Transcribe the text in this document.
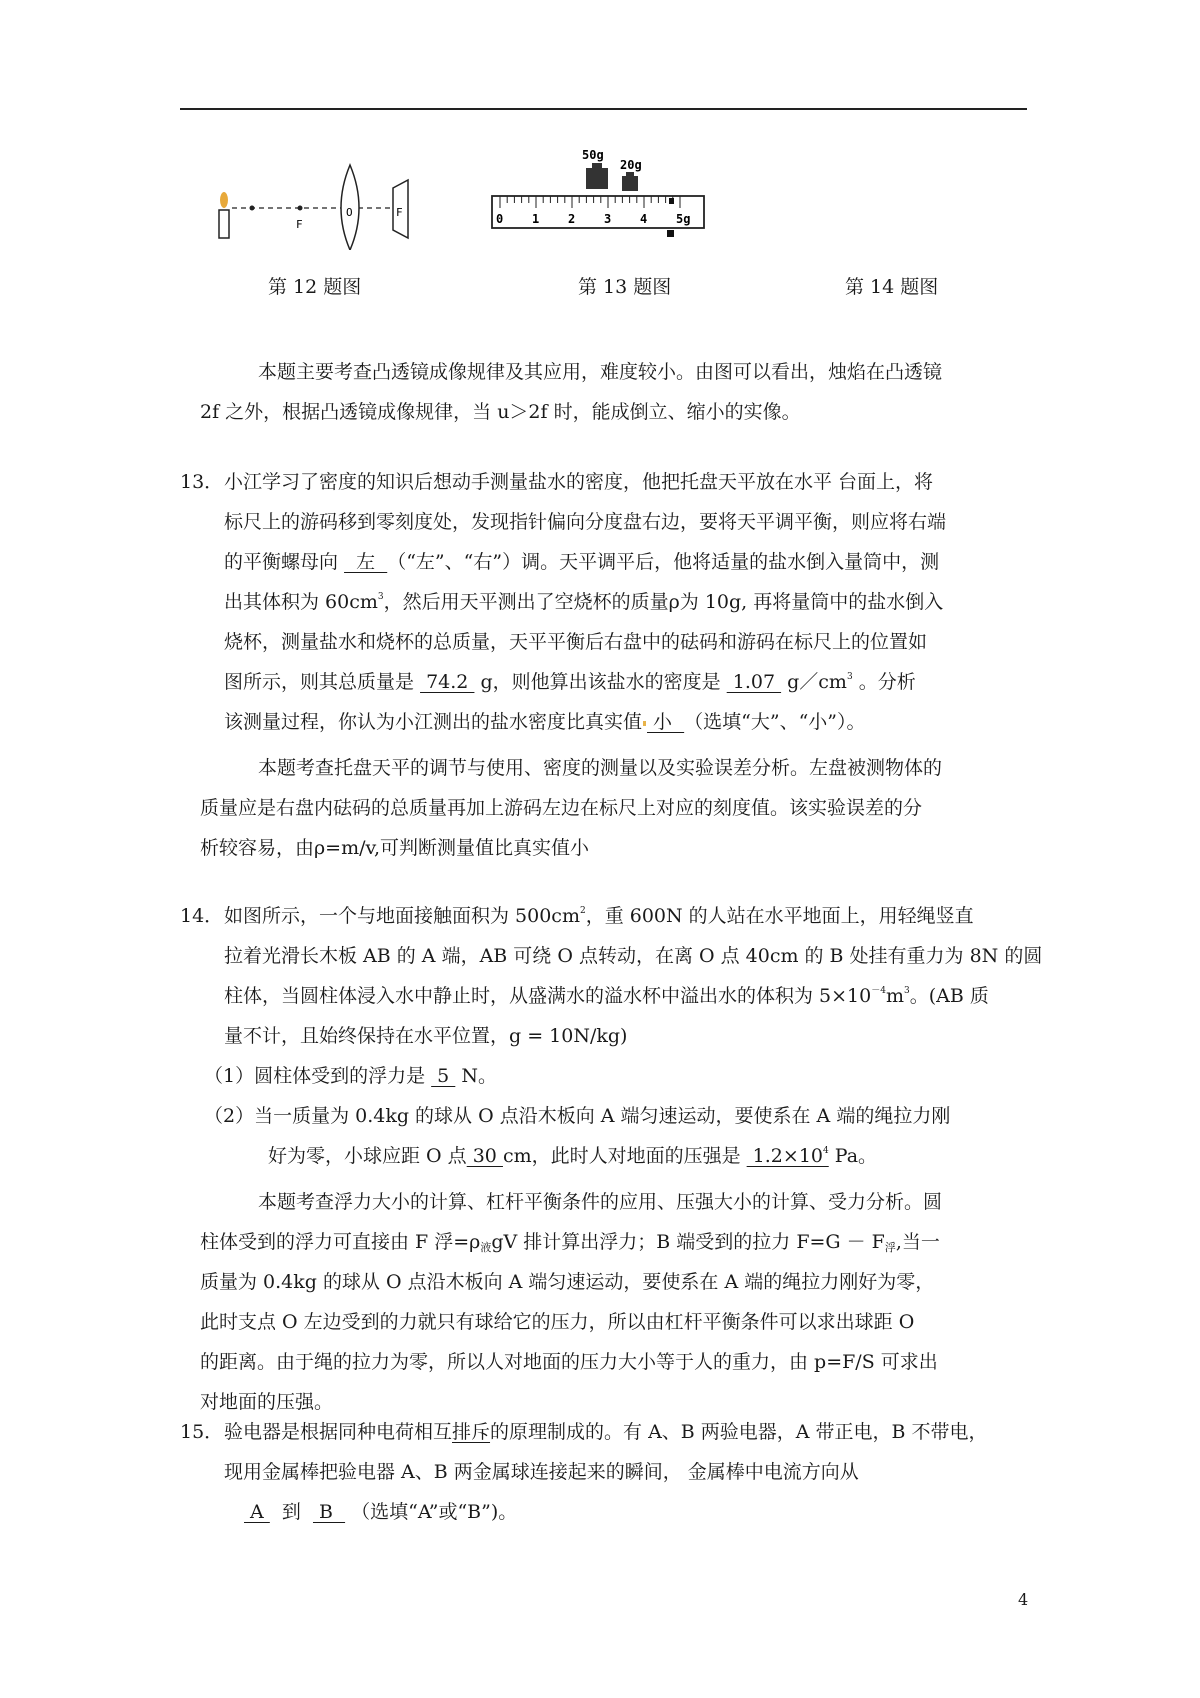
F
O	F
50g
20g
0 1 2 3 4 5g
第 12 题图	第 13 题图	第 14 题图

本题主要考查凸透镜成像规律及其应用，难度较小。由图可以看出，烛焰在凸透镜
2f 之外，根据凸透镜成像规律，当 u＞2f 时，能成倒立、缩小的实像。

13． 小江学习了密度的知识后想动手测量盐水的密度，他把托盘天平放在水平 台面上，将
标尺上的游码移到零刻度处，发现指针偏向分度盘右边，要将天平调平衡，则应将右端
的平衡螺母向   左  （“左”、“右”）调。天平调平后，他将适量的盐水倒入量筒中，测
出其体积为 $60cm^3$，然后用天平测出了空烧杯的质量ρ为 10g, 再将量筒中的盐水倒入
烧杯，测量盐水和烧杯的总质量，天平平衡后右盘中的砝码和游码在标尺上的位置如
图所示，则其总质量是  74.2  g，则他算出该盐水的密度是  1.07  $g/cm^3$ 。分析
该测量过程，你认为小江测出的盐水密度比真实值 小  （选填“大”、“小”）。

本题考查托盘天平的调节与使用、密度的测量以及实验误差分析。左盘被测物体的
质量应是右盘内砝码的总质量再加上游码左边在标尺上对应的刻度值。该实验误差的分
析较容易，由ρ=m/v,可判断测量值比真实值小

14． 如图所示，一个与地面接触面积为 $500cm^2$，重 600N 的人站在水平地面上，用轻绳竖直
拉着光滑长木板 AB 的 A 端，AB 可绕 O 点转动，在离 O 点 40cm 的 B 处挂有重力为 8N 的圆
柱体，当圆柱体浸入水中静止时，从盛满水的溢水杯中溢出水的体积为 $5\times 10^{-4}m^3$。(AB 质
量不计，且始终保持在水平位置，g = 10N/kg)
（1）圆柱体受到的浮力是  5  N。
（2）当一质量为 0.4kg 的球从 O 点沿木板向 A 端匀速运动，要使系在 A 端的绳拉力刚
好为零，小球应距 O 点 30 cm，此时人对地面的压强是  $1.2\times 10^4$ Pa。

本题考查浮力大小的计算、杠杆平衡条件的应用、压强大小的计算、受力分析。圆
柱体受到的浮力可直接由 F 浮$=\rho_液gV$ 排计算出浮力；B 端受到的拉力 $F=G - F_浮$,当一
质量为 0.4kg 的球从 O 点沿木板向 A 端匀速运动，要使系在 A 端的绳拉力刚好为零，
此时支点 O 左边受到的力就只有球给它的压力，所以由杠杆平衡条件可以求出球距 O
的距离。由于绳的拉力为零，所以人对地面的压力大小等于人的重力，由 p=F/S 可求出
对地面的压强。

15． 验电器是根据同种电荷相互排斥的原理制成的。有 A、B 两验电器，A 带正电，B 不带电，
现用金属棒把验电器 A、B 两金属球连接起来的瞬间， 金属棒中电流方向从
A   到   B   （选填“A”或“B”)。
4
